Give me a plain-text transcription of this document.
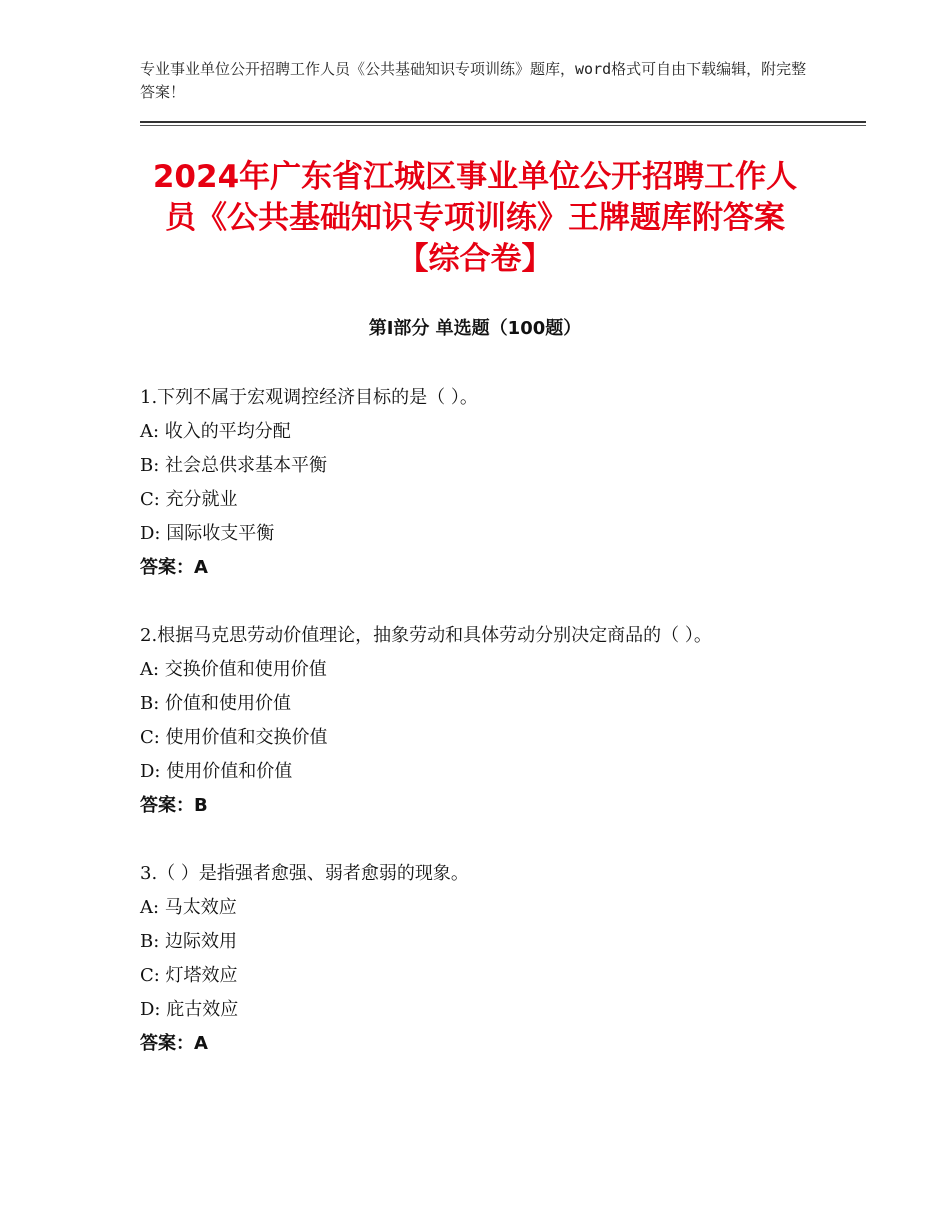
专业事业单位公开招聘工作人员《公共基础知识专项训练》题库，word格式可自由下载编辑，附完整答案！
2024年广东省江城区事业单位公开招聘工作人员《公共基础知识专项训练》王牌题库附答案【综合卷】
第Ⅰ部分 单选题（100题）
1.下列不属于宏观调控经济目标的是（ ）。
A: 收入的平均分配
B: 社会总供求基本平衡
C: 充分就业
D: 国际收支平衡
答案：A
2.根据马克思劳动价值理论，抽象劳动和具体劳动分别决定商品的（ ）。
A: 交换价值和使用价值
B: 价值和使用价值
C: 使用价值和交换价值
D: 使用价值和价值
答案：B
3.（ ）是指强者愈强、弱者愈弱的现象。
A: 马太效应
B: 边际效用
C: 灯塔效应
D: 庇古效应
答案：A
